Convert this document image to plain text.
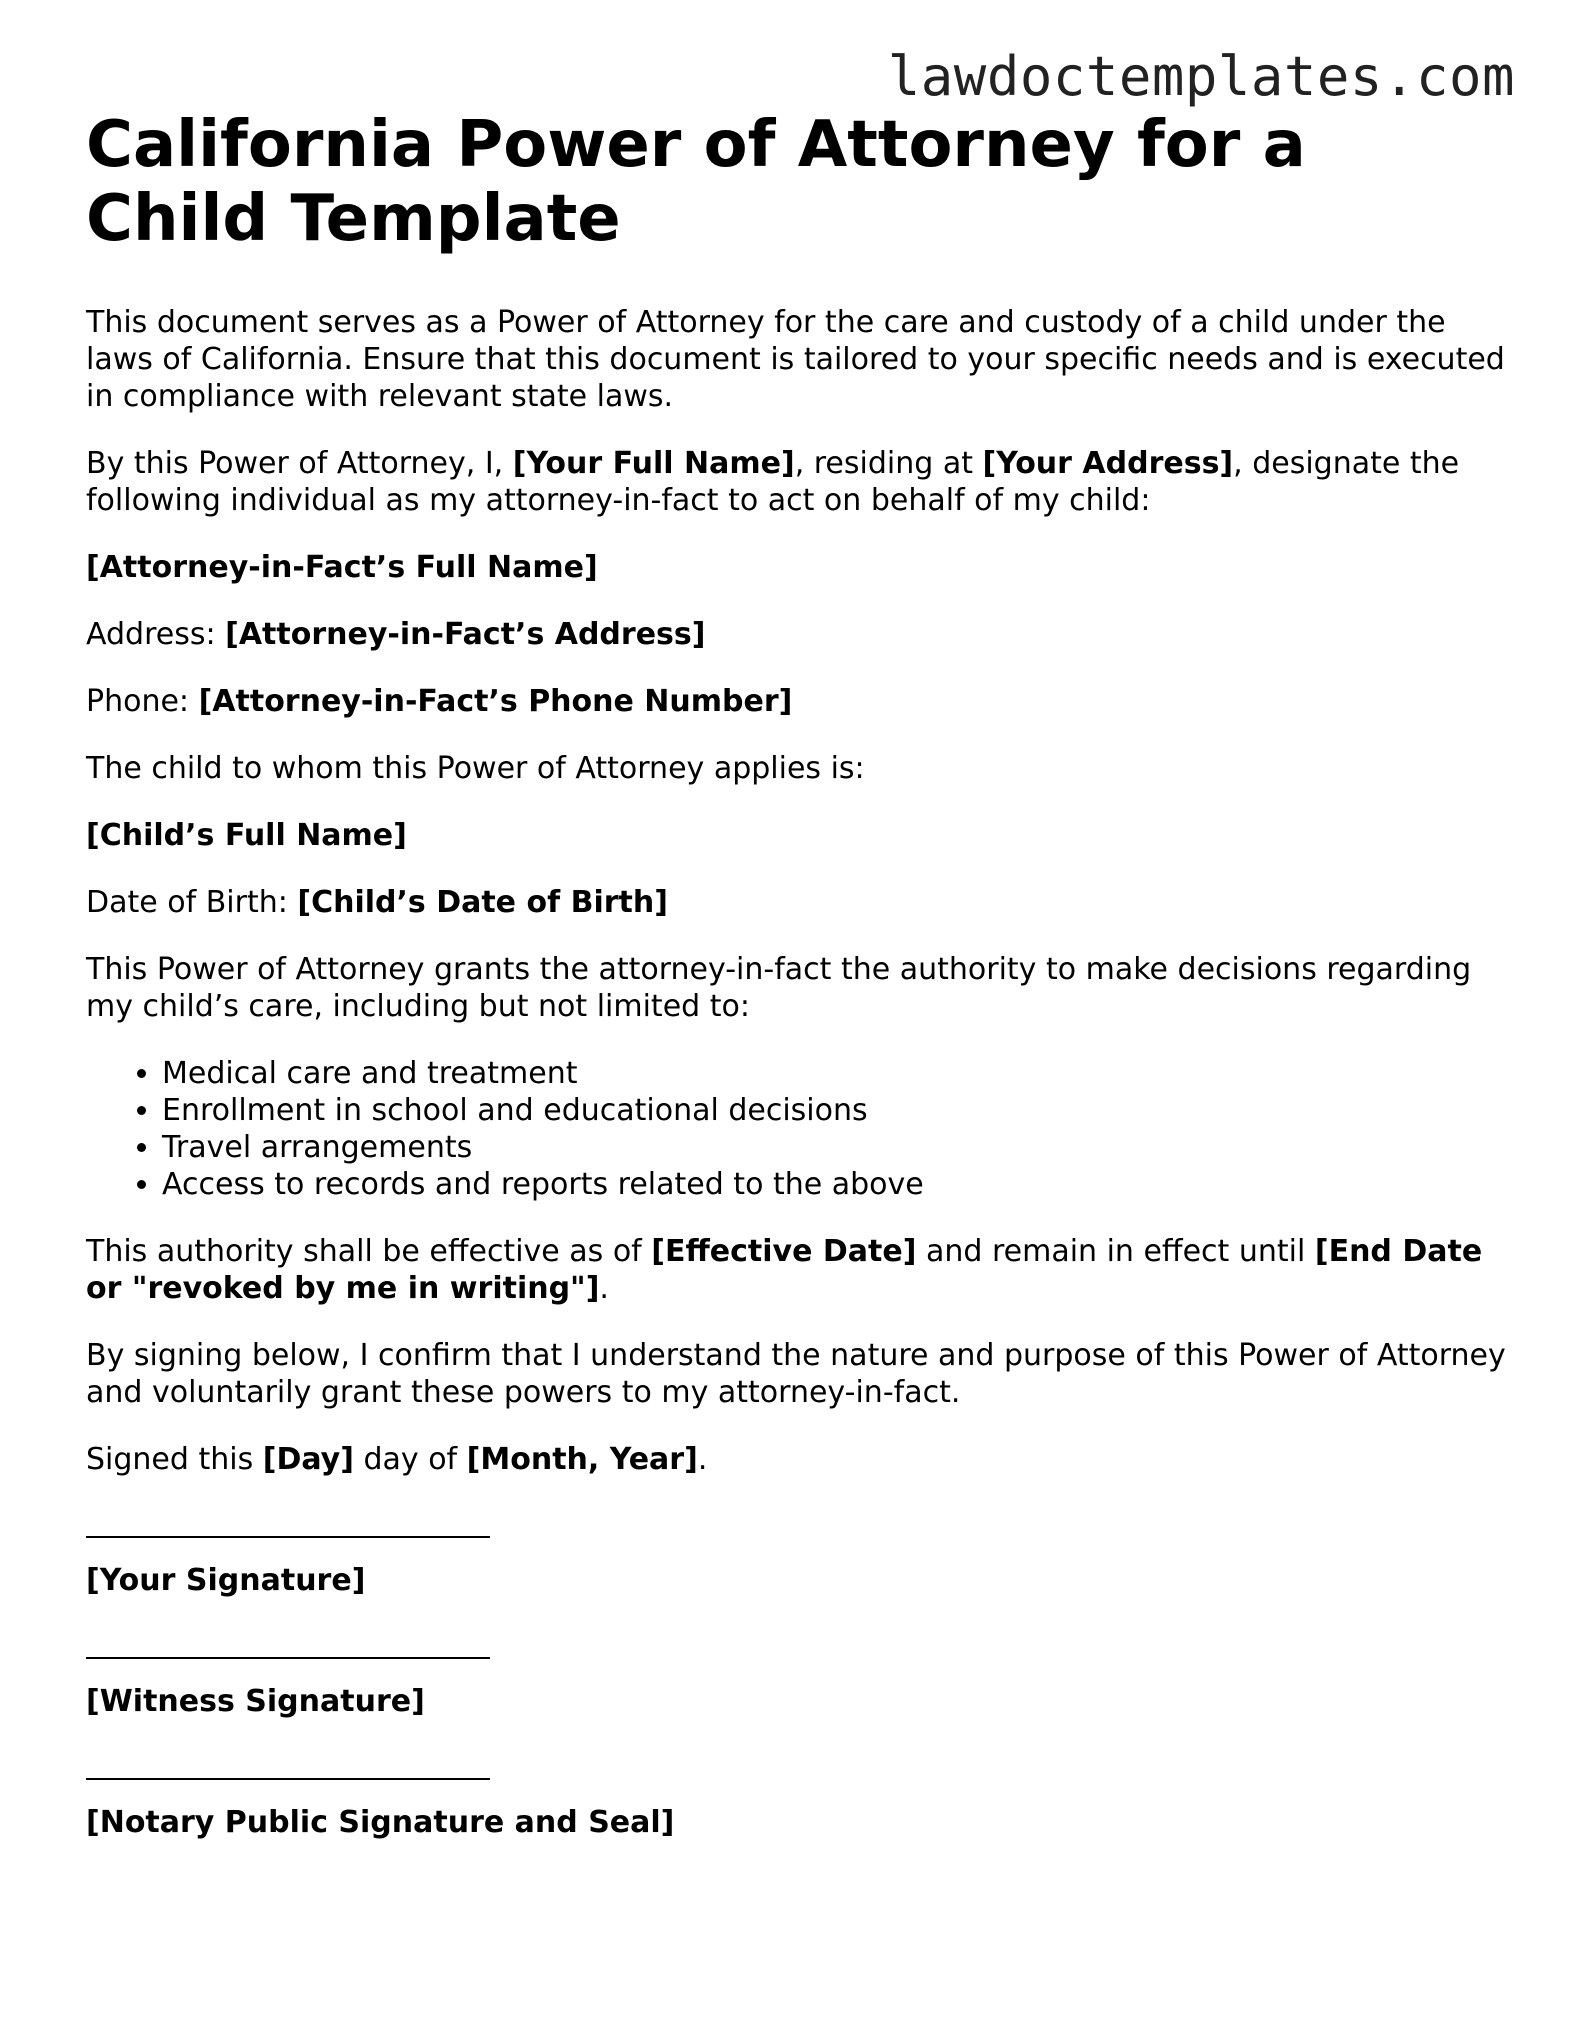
lawdoctemplates.com
California Power of Attorney for a Child Template

This document serves as a Power of Attorney for the care and custody of a child under the laws of California. Ensure that this document is tailored to your specific needs and is executed in compliance with relevant state laws.

By this Power of Attorney, I, [Your Full Name], residing at [Your Address], designate the following individual as my attorney-in-fact to act on behalf of my child:

[Attorney-in-Fact’s Full Name]

Address: [Attorney-in-Fact’s Address]

Phone: [Attorney-in-Fact’s Phone Number]

The child to whom this Power of Attorney applies is:

[Child’s Full Name]

Date of Birth: [Child’s Date of Birth]

This Power of Attorney grants the attorney-in-fact the authority to make decisions regarding my child’s care, including but not limited to:

• Medical care and treatment
• Enrollment in school and educational decisions
• Travel arrangements
• Access to records and reports related to the above

This authority shall be effective as of [Effective Date] and remain in effect until [End Date or "revoked by me in writing"].

By signing below, I confirm that I understand the nature and purpose of this Power of Attorney and voluntarily grant these powers to my attorney-in-fact.

Signed this [Day] day of [Month, Year].

[Your Signature]

[Witness Signature]

[Notary Public Signature and Seal]
